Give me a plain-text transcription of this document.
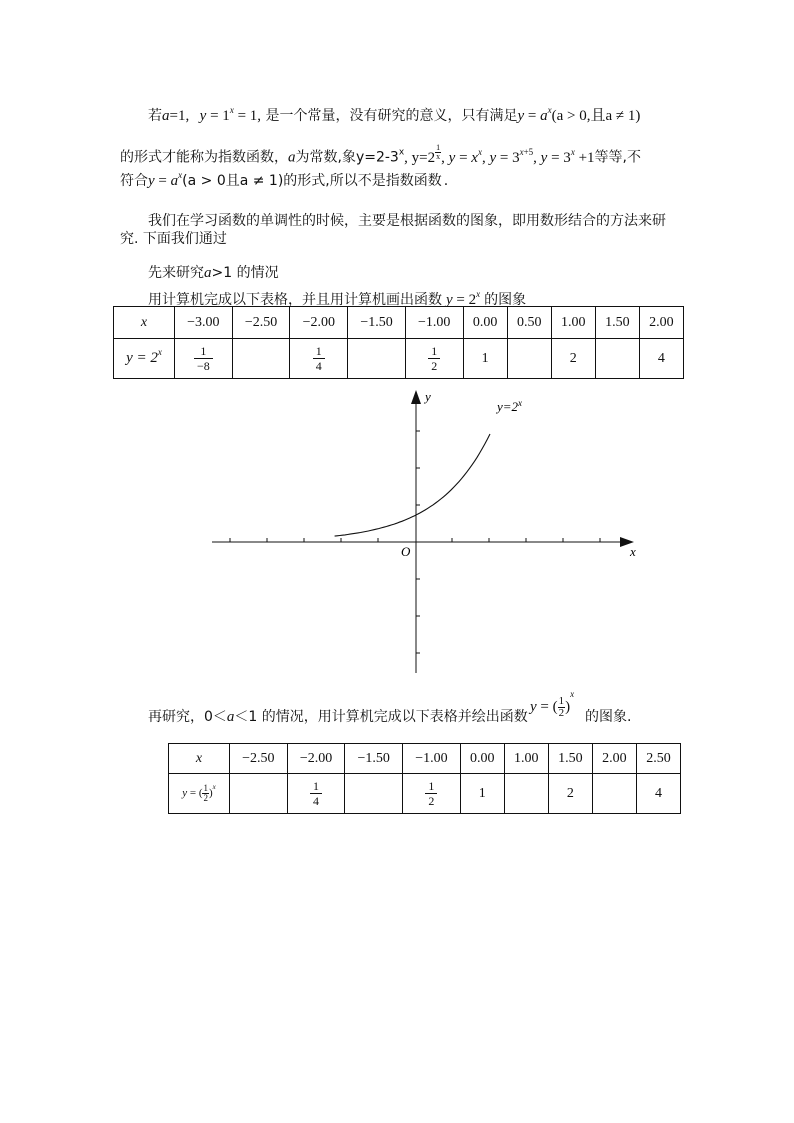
若a=1, $y = 1^x = 1$, 是一个常量，没有研究的意义，只有满足$y = a^x(a > 0$,且a ≠ 1)
的形式才能称为指数函数，a为常数,象$y=2-3^x$, y=2 $^{\frac{1}{x}}$ , $y = x^x$, $y = 3^{x+5}$, $y = 3^x +1$等等,不
符合$y = a^x(a > 0$且a ≠ 1)的形式,所以不是指数函数 .
我们在学习函数的单调性的时候，主要是根据函数的图象，即用数形结合的方法来研
究. 下面我们通过
先来研究a>1 的情况
用计算机完成以下表格，并且用计算机画出函数 $y = 2^x$ 的图象
x	−3.00	−2.50	−2.00	−1.50	−1.00	0.00	0.50	1.00	1.50	2.00
$y = 2^x$	$\frac{1}{-8}$		$\frac{1}{4}$		$\frac{1}{2}$	1		2		4
$y=2^x$
x
y
O
再研究，0＜a＜1 的情况，用计算机完成以下表格并绘出函数
y = ( $\frac{1}{2} )^x$
的图象.
x	−2.50	−2.00	−1.50	−1.00	0.00	1.00	1.50	2.00	2.50
y = ( $\frac{1}{2} )^x$		$\frac{1}{4}$		$\frac{1}{2}$	1		2		4
